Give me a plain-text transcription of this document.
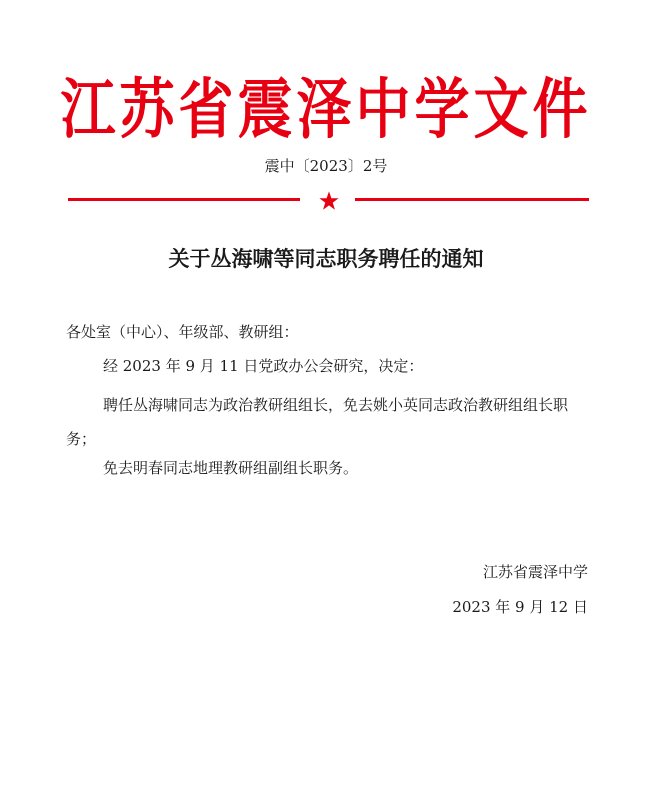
江苏省震泽中学文件
震中〔2023〕2号
关于丛海啸等同志职务聘任的通知
各处室（中心）、年级部、教研组：
经 2023 年 9 月 11 日党政办公会研究，决定：
聘任丛海啸同志为政治教研组组长，免去姚小英同志政治教研组组长职务；
免去明春同志地理教研组副组长职务。
江苏省震泽中学
2023 年 9 月 12 日
